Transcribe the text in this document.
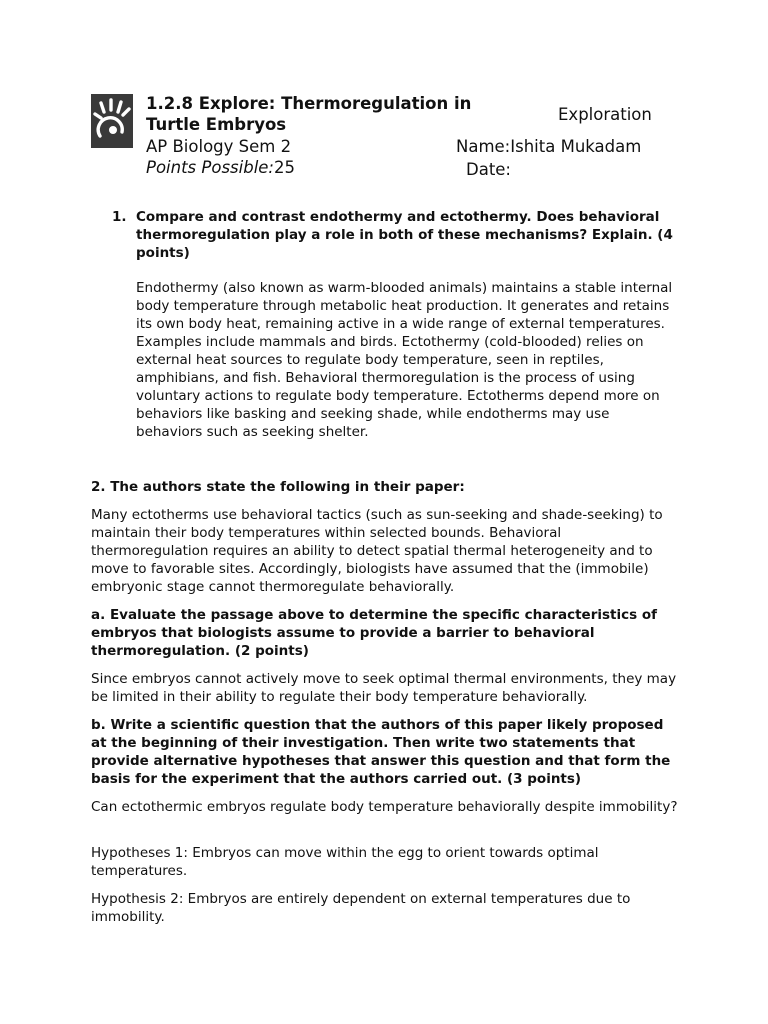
1.2.8 Explore: Thermoregulation in Turtle Embryos
AP Biology Sem 2
Points Possible:25
Exploration
Name:Ishita Mukadam
Date:
1. Compare and contrast endothermy and ectothermy. Does behavioral thermoregulation play a role in both of these mechanisms? Explain. (4 points)

Endothermy (also known as warm-blooded animals) maintains a stable internal body temperature through metabolic heat production. It generates and retains its own body heat, remaining active in a wide range of external temperatures. Examples include mammals and birds. Ectothermy (cold-blooded) relies on external heat sources to regulate body temperature, seen in reptiles, amphibians, and fish. Behavioral thermoregulation is the process of using voluntary actions to regulate body temperature. Ectotherms depend more on behaviors like basking and seeking shade, while endotherms may use behaviors such as seeking shelter.

2. The authors state the following in their paper:

Many ectotherms use behavioral tactics (such as sun-seeking and shade-seeking) to maintain their body temperatures within selected bounds. Behavioral thermoregulation requires an ability to detect spatial thermal heterogeneity and to move to favorable sites. Accordingly, biologists have assumed that the (immobile) embryonic stage cannot thermoregulate behaviorally.

a. Evaluate the passage above to determine the specific characteristics of embryos that biologists assume to provide a barrier to behavioral thermoregulation. (2 points)

Since embryos cannot actively move to seek optimal thermal environments, they may be limited in their ability to regulate their body temperature behaviorally.

b. Write a scientific question that the authors of this paper likely proposed at the beginning of their investigation. Then write two statements that provide alternative hypotheses that answer this question and that form the basis for the experiment that the authors carried out. (3 points)

Can ectothermic embryos regulate body temperature behaviorally despite immobility?

Hypotheses 1: Embryos can move within the egg to orient towards optimal temperatures.

Hypothesis 2: Embryos are entirely dependent on external temperatures due to immobility.
